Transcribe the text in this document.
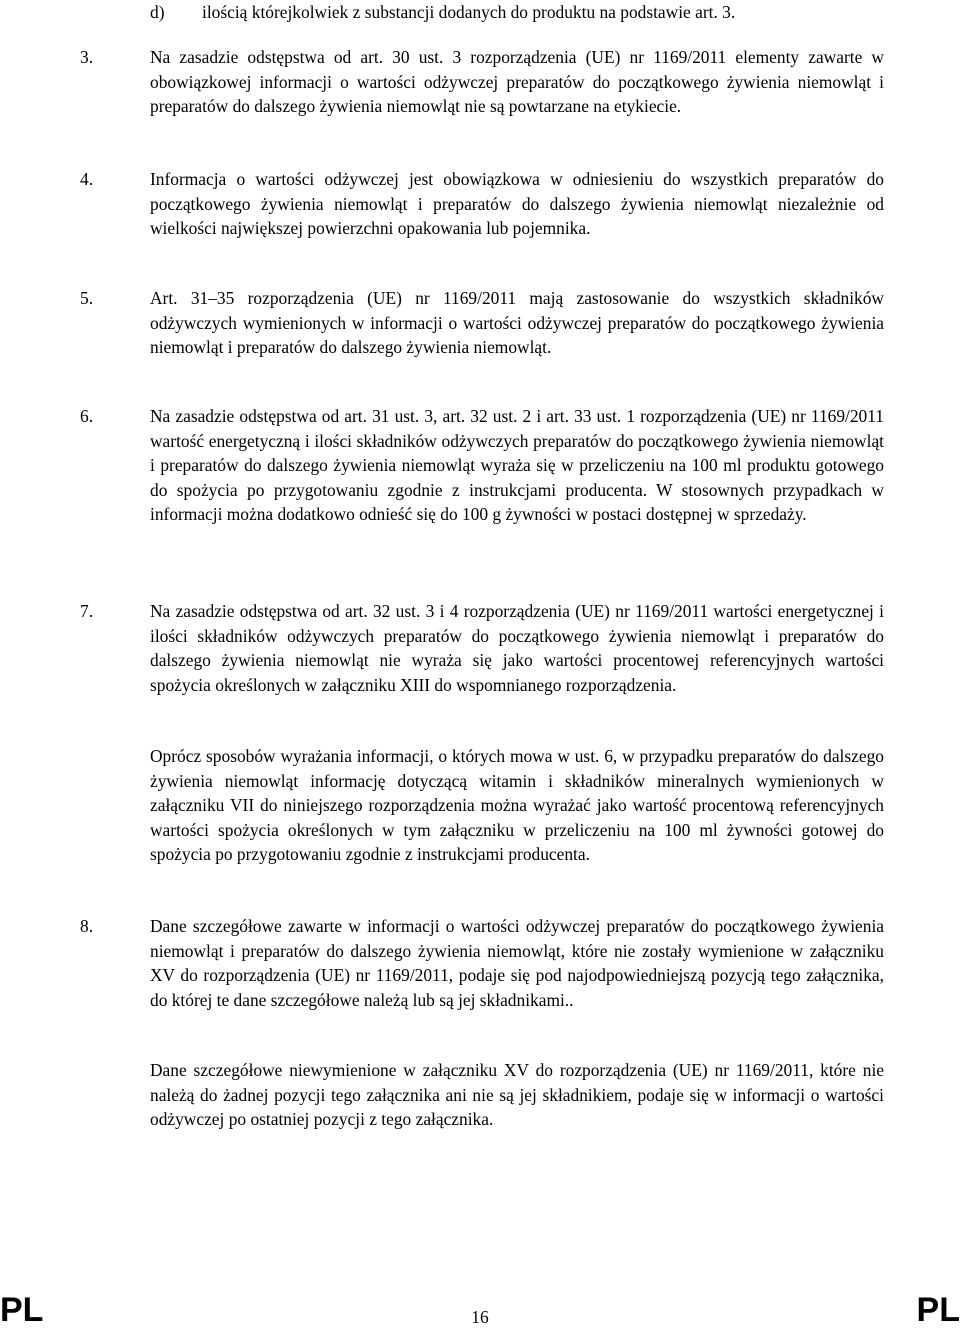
d) ilością którejkolwiek z substancji dodanych do produktu na podstawie art. 3.
3.	Na zasadzie odstępstwa od art. 30 ust. 3 rozporządzenia (UE) nr 1169/2011 elementy zawarte w obowiązkowej informacji o wartości odżywczej preparatów do początkowego żywienia niemowląt i preparatów do dalszego żywienia niemowląt nie są powtarzane na etykiecie.
4.	Informacja o wartości odżywczej jest obowiązkowa w odniesieniu do wszystkich preparatów do początkowego żywienia niemowląt i preparatów do dalszego żywienia niemowląt niezależnie od wielkości największej powierzchni opakowania lub pojemnika.
5.	Art. 31–35 rozporządzenia (UE) nr 1169/2011 mają zastosowanie do wszystkich składników odżywczych wymienionych w informacji o wartości odżywczej preparatów do początkowego żywienia niemowląt i preparatów do dalszego żywienia niemowląt.
6.	Na zasadzie odstępstwa od art. 31 ust. 3, art. 32 ust. 2 i art. 33 ust. 1 rozporządzenia (UE) nr 1169/2011 wartość energetyczną i ilości składników odżywczych preparatów do początkowego żywienia niemowląt i preparatów do dalszego żywienia niemowląt wyraża się w przeliczeniu na 100 ml produktu gotowego do spożycia po przygotowaniu zgodnie z instrukcjami producenta. W stosownych przypadkach w informacji można dodatkowo odnieść się do 100 g żywności w postaci dostępnej w sprzedaży.
7.	Na zasadzie odstępstwa od art. 32 ust. 3 i 4 rozporządzenia (UE) nr 1169/2011 wartości energetycznej i ilości składników odżywczych preparatów do początkowego żywienia niemowląt i preparatów do dalszego żywienia niemowląt nie wyraża się jako wartości procentowej referencyjnych wartości spożycia określonych w załączniku XIII do wspomnianego rozporządzenia.
Oprócz sposobów wyrażania informacji, o których mowa w ust. 6, w przypadku preparatów do dalszego żywienia niemowląt informację dotyczącą witamin i składników mineralnych wymienionych w załączniku VII do niniejszego rozporządzenia można wyrażać jako wartość procentową referencyjnych wartości spożycia określonych w tym załączniku w przeliczeniu na 100 ml żywności gotowej do spożycia po przygotowaniu zgodnie z instrukcjami producenta.
8.	Dane szczegółowe zawarte w informacji o wartości odżywczej preparatów do początkowego żywienia niemowląt i preparatów do dalszego żywienia niemowląt, które nie zostały wymienione w załączniku XV do rozporządzenia (UE) nr 1169/2011, podaje się pod najodpowiedniejszą pozycją tego załącznika, do której te dane szczegółowe należą lub są jej składnikami..
Dane szczegółowe niewymienione w załączniku XV do rozporządzenia (UE) nr 1169/2011, które nie należą do żadnej pozycji tego załącznika ani nie są jej składnikiem, podaje się w informacji o wartości odżywczej po ostatniej pozycji z tego załącznika.
PL	16	PL
